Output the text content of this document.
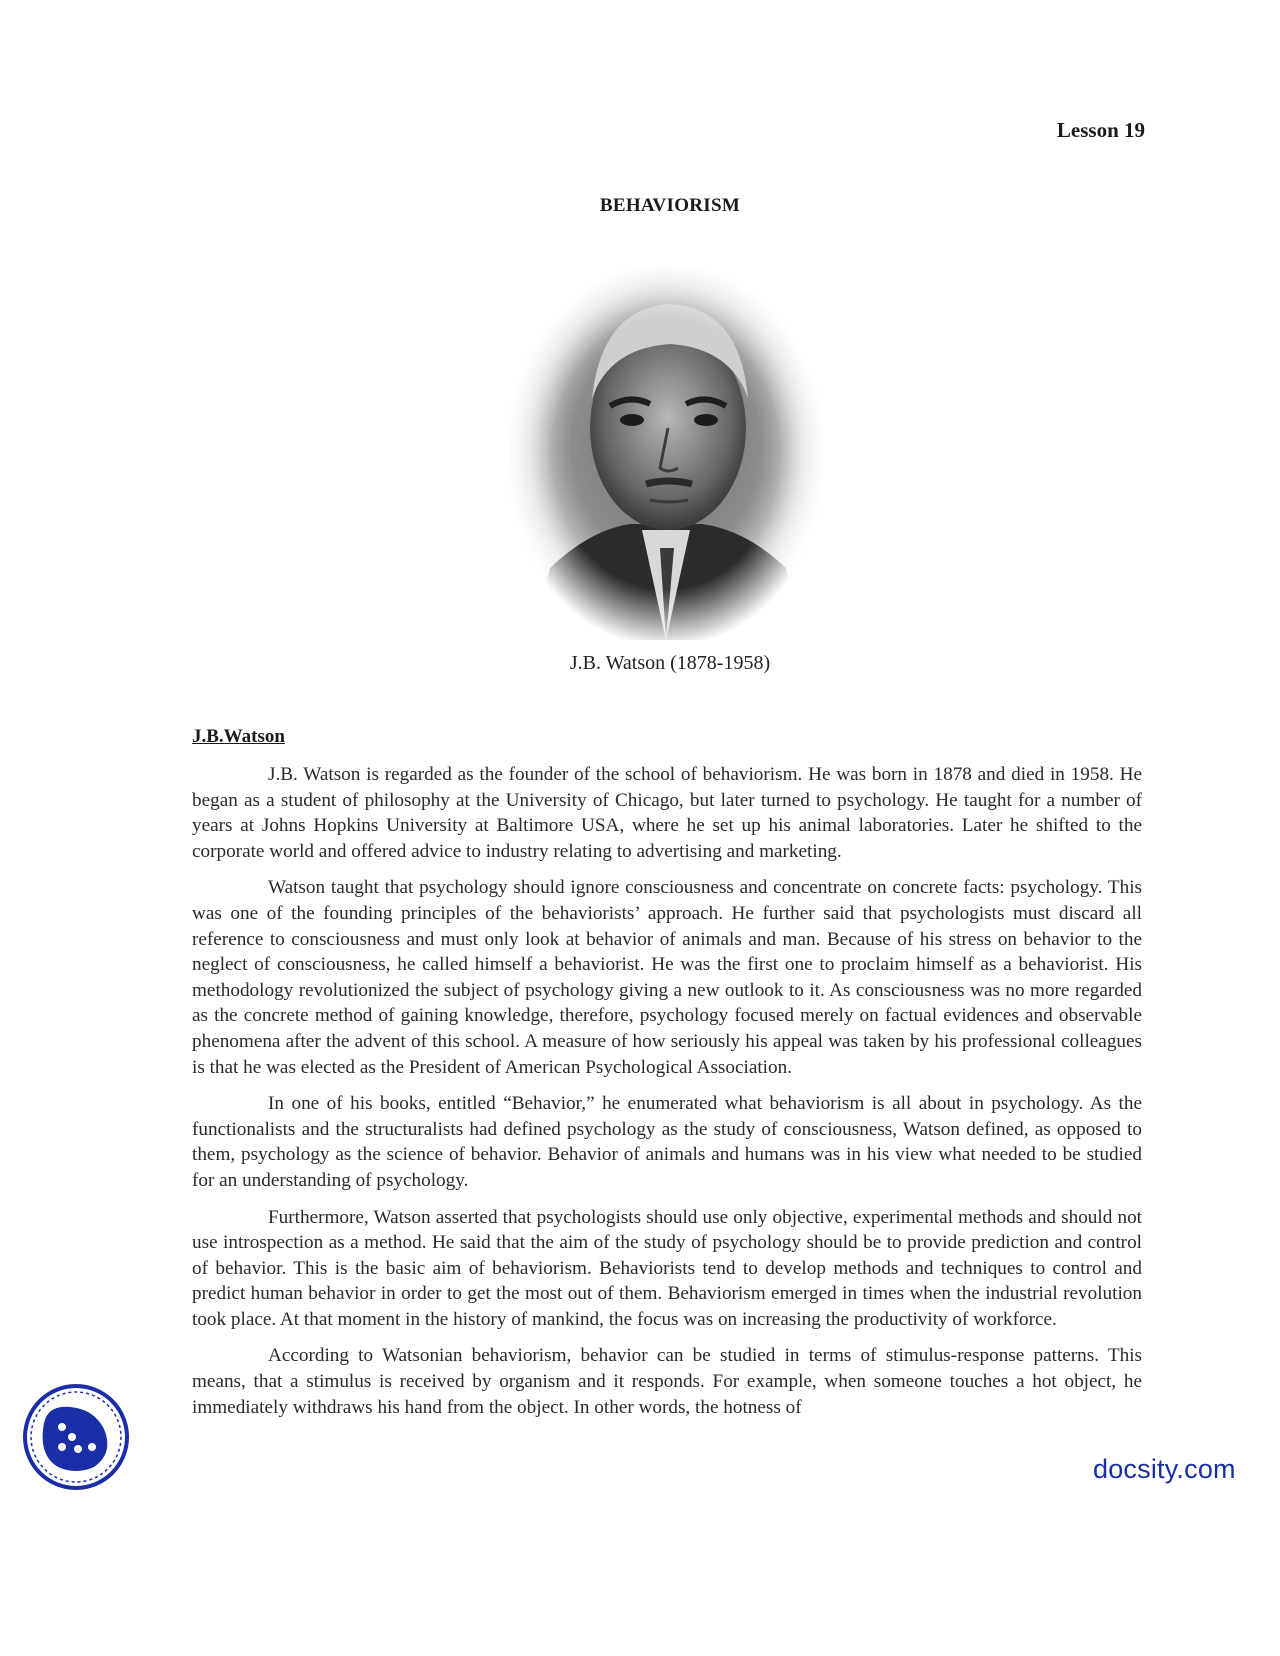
Lesson 19
BEHAVIORISM
J.B. Watson (1878-1958)
J.B.Watson

J.B. Watson is regarded as the founder of the school of behaviorism. He was born in 1878 and died in 1958. He began as a student of philosophy at the University of Chicago, but later turned to psychology. He taught for a number of years at Johns Hopkins University at Baltimore USA, where he set up his animal laboratories. Later he shifted to the corporate world and offered advice to industry relating to advertising and marketing.

Watson taught that psychology should ignore consciousness and concentrate on concrete facts: psychology. This was one of the founding principles of the behaviorists’ approach. He further said that psychologists must discard all reference to consciousness and must only look at behavior of animals and man. Because of his stress on behavior to the neglect of consciousness, he called himself a behaviorist. He was the first one to proclaim himself as a behaviorist. His methodology revolutionized the subject of psychology giving a new outlook to it. As consciousness was no more regarded as the concrete method of gaining knowledge, therefore, psychology focused merely on factual evidences and observable phenomena after the advent of this school. A measure of how seriously his appeal was taken by his professional colleagues is that he was elected as the President of American Psychological Association.

In one of his books, entitled “Behavior,” he enumerated what behaviorism is all about in psychology. As the functionalists and the structuralists had defined psychology as the study of consciousness, Watson defined, as opposed to them, psychology as the science of behavior. Behavior of animals and humans was in his view what needed to be studied for an understanding of psychology.

Furthermore, Watson asserted that psychologists should use only objective, experimental methods and should not use introspection as a method. He said that the aim of the study of psychology should be to provide prediction and control of behavior. This is the basic aim of behaviorism. Behaviorists tend to develop methods and techniques to control and predict human behavior in order to get the most out of them. Behaviorism emerged in times when the industrial revolution took place. At that moment in the history of mankind, the focus was on increasing the productivity of workforce.

According to Watsonian behaviorism, behavior can be studied in terms of stimulus-response patterns. This means, that a stimulus is received by organism and it responds. For example, when someone touches a hot object, he immediately withdraws his hand from the object. In other words, the hotness of

docsity.com
